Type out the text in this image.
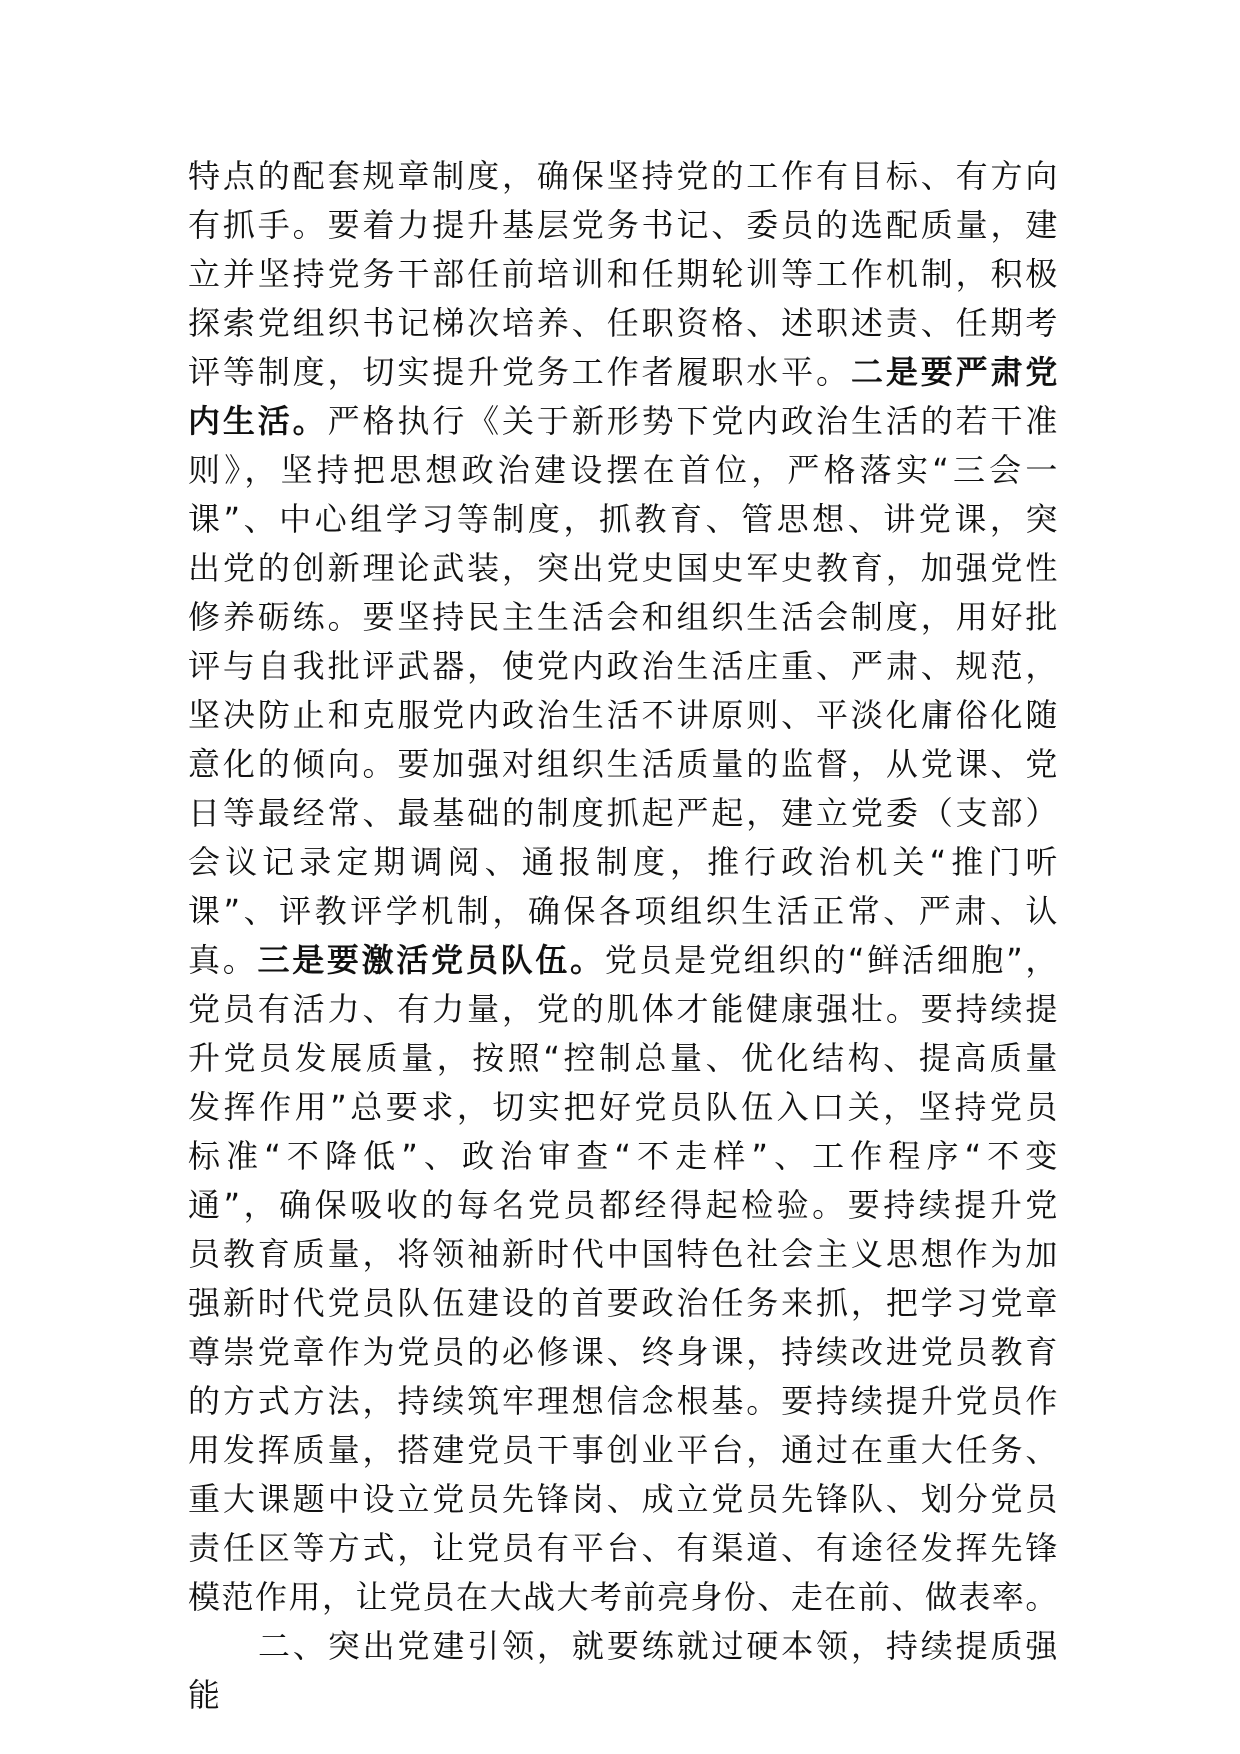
特点的配套规章制度，确保坚持党的工作有目标、有方向
有抓手。要着力提升基层党务书记、委员的选配质量，建
立并坚持党务干部任前培训和任期轮训等工作机制，积极
探索党组织书记梯次培养、任职资格、述职述责、任期考
评等制度，切实提升党务工作者履职水平。二是要严肃党
内生活。严格执行《关于新形势下党内政治生活的若干准
则》，坚持把思想政治建设摆在首位，严格落实“三会一
课”、中心组学习等制度，抓教育、管思想、讲党课，突
出党的创新理论武装，突出党史国史军史教育，加强党性
修养砺练。要坚持民主生活会和组织生活会制度，用好批
评与自我批评武器，使党内政治生活庄重、严肃、规范，
坚决防止和克服党内政治生活不讲原则、平淡化庸俗化随
意化的倾向。要加强对组织生活质量的监督，从党课、党
日等最经常、最基础的制度抓起严起，建立党委（支部）
会议记录定期调阅、通报制度，推行政治机关“推门听
课”、评教评学机制，确保各项组织生活正常、严肃、认
真。三是要激活党员队伍。党员是党组织的“鲜活细胞”，
党员有活力、有力量，党的肌体才能健康强壮。要持续提
升党员发展质量，按照“控制总量、优化结构、提高质量
发挥作用”总要求，切实把好党员队伍入口关，坚持党员
标准“不降低”、政治审查“不走样”、工作程序“不变
通”，确保吸收的每名党员都经得起检验。要持续提升党
员教育质量，将领袖新时代中国特色社会主义思想作为加
强新时代党员队伍建设的首要政治任务来抓，把学习党章
尊崇党章作为党员的必修课、终身课，持续改进党员教育
的方式方法，持续筑牢理想信念根基。要持续提升党员作
用发挥质量，搭建党员干事创业平台，通过在重大任务、
重大课题中设立党员先锋岗、成立党员先锋队、划分党员
责任区等方式，让党员有平台、有渠道、有途径发挥先锋
模范作用，让党员在大战大考前亮身份、走在前、做表率。
二、突出党建引领，就要练就过硬本领，持续提质强
能
